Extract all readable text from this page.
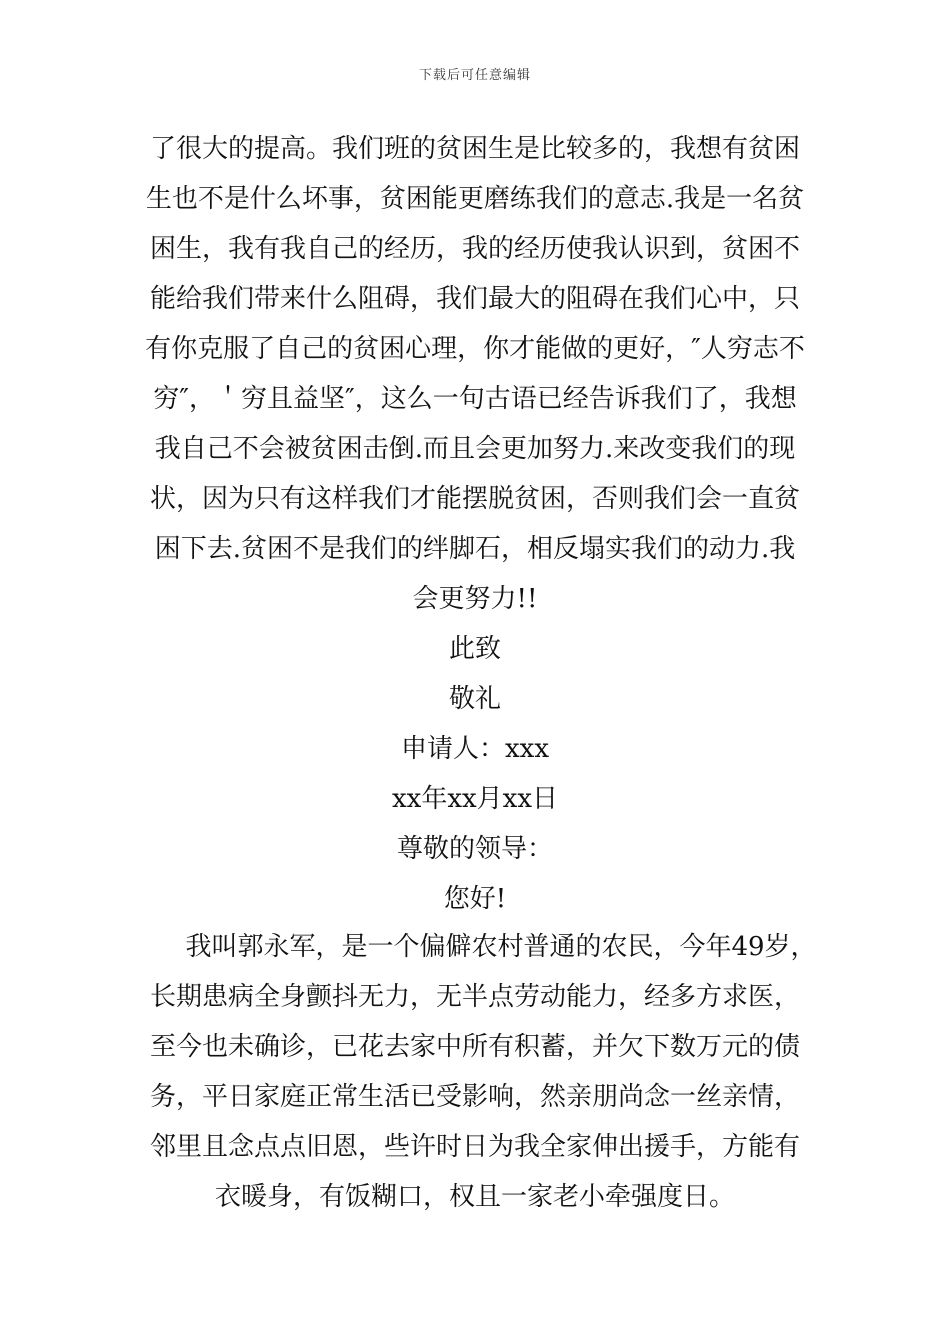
下载后可任意编辑
了很大的提高。我们班的贫困生是比较多的，我想有贫困
生也不是什么坏事，贫困能更磨练我们的意志.我是一名贫
困生，我有我自己的经历，我的经历使我认识到，贫困不
能给我们带来什么阻碍，我们最大的阻碍在我们心中，只
有你克服了自己的贫困心理，你才能做的更好，″人穷志不
穷″，＇穷且益坚″，这么一句古语已经告诉我们了，我想
我自己不会被贫困击倒.而且会更加努力.来改变我们的现
状，因为只有这样我们才能摆脱贫困，否则我们会一直贫
困下去.贫困不是我们的绊脚石，相反塌实我们的动力.我
会更努力!!
此致
敬礼
申请人：xxx
xx年xx月xx日
尊敬的领导：
您好!
　　我叫郭永军，是一个偏僻农村普通的农民，今年49岁，
长期患病全身颤抖无力，无半点劳动能力，经多方求医，
至今也未确诊，已花去家中所有积蓄，并欠下数万元的债
务，平日家庭正常生活已受影响，然亲朋尚念一丝亲情，
邻里且念点点旧恩，些许时日为我全家伸出援手，方能有
衣暖身，有饭糊口，权且一家老小牵强度日。
